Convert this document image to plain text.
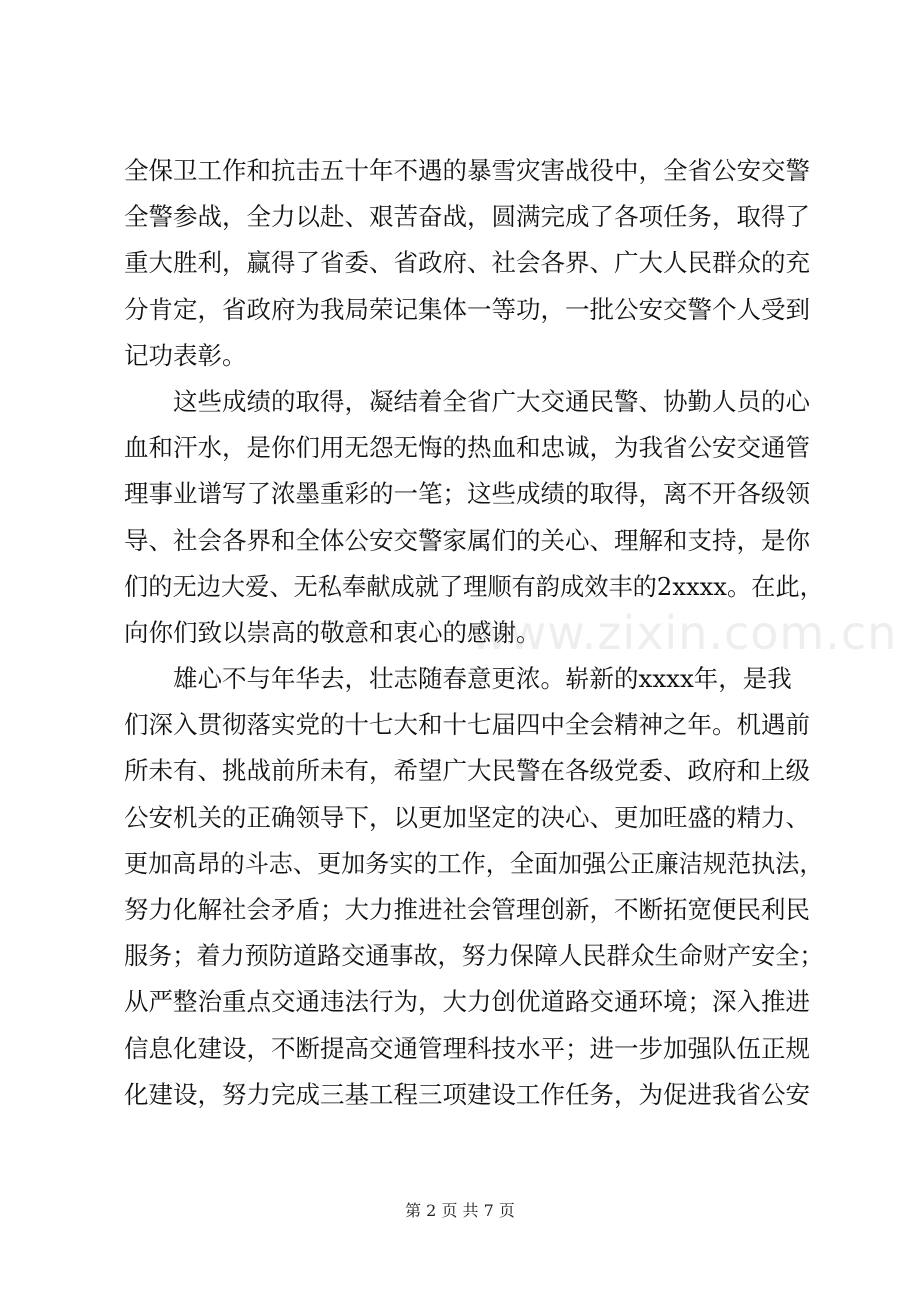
全保卫工作和抗击五十年不遇的暴雪灾害战役中，全省公安交警
全警参战，全力以赴、艰苦奋战，圆满完成了各项任务，取得了
重大胜利，赢得了省委、省政府、社会各界、广大人民群众的充
分肯定，省政府为我局荣记集体一等功，一批公安交警个人受到
记功表彰。
　　这些成绩的取得，凝结着全省广大交通民警、协勤人员的心
血和汗水，是你们用无怨无悔的热血和忠诚，为我省公安交通管
理事业谱写了浓墨重彩的一笔；这些成绩的取得，离不开各级领
导、社会各界和全体公安交警家属们的关心、理解和支持，是你
们的无边大爱、无私奉献成就了理顺有韵成效丰的2xxxx。在此，
向你们致以崇高的敬意和衷心的感谢。
　　雄心不与年华去，壮志随春意更浓。崭新的xxxx年，是我
们深入贯彻落实党的十七大和十七届四中全会精神之年。机遇前
所未有、挑战前所未有，希望广大民警在各级党委、政府和上级
公安机关的正确领导下，以更加坚定的决心、更加旺盛的精力、
更加高昂的斗志、更加务实的工作，全面加强公正廉洁规范执法，
努力化解社会矛盾；大力推进社会管理创新，不断拓宽便民利民
服务；着力预防道路交通事故，努力保障人民群众生命财产安全；
从严整治重点交通违法行为，大力创优道路交通环境；深入推进
信息化建设，不断提高交通管理科技水平；进一步加强队伍正规
化建设，努力完成三基工程三项建设工作任务，为促进我省公安
www.zixin.com.cn
第 2 页 共 7 页
